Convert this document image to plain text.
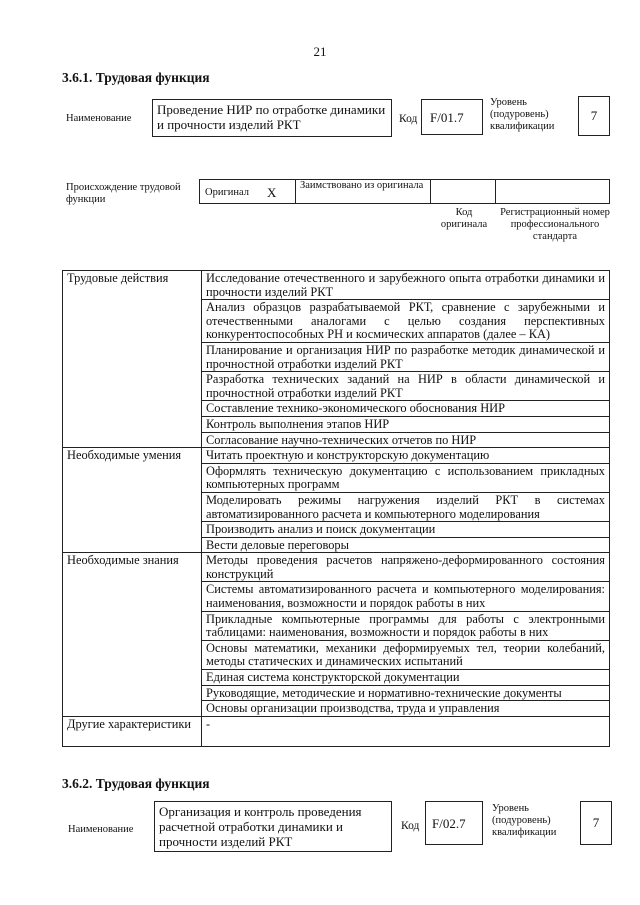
21
3.6.1. Трудовая функция
Наименование
Проведение НИР по отработке динамики и прочности изделий РКТ	Код F/01.7
Уровень (подуровень) квалификации
7
Происхождение трудовой функции
Оригинал X Заимствовано из оригинала
Код оригинала
Регистрационный номер профессионального стандарта
Трудовые действия	Исследование отечественного и зарубежного опыта отработки динамики и прочности изделий РКТ
	Анализ образцов разрабатываемой РКТ, сравнение с зарубежными и отечественными аналогами с целью создания перспективных конкурентоспособных РН и космических аппаратов (далее – КА)
	Планирование и организация НИР по разработке методик динамической и прочностной отработки изделий РКТ
	Разработка технических заданий на НИР в области динамической и прочностной отработки изделий РКТ
	Составление технико-экономического обоснования НИР
	Контроль выполнения этапов НИР
	Согласование научно-технических отчетов по НИР
Необходимые умения	Читать проектную и конструкторскую документацию
	Оформлять техническую документацию с использованием прикладных компьютерных программ
	Моделировать режимы нагружения изделий РКТ в системах автоматизированного расчета и компьютерного моделирования
	Производить анализ и поиск документации
	Вести деловые переговоры
Необходимые знания	Методы проведения расчетов напряжено-деформированного состояния конструкций
	Системы автоматизированного расчета и компьютерного моделирования: наименования, возможности и порядок работы в них
	Прикладные компьютерные программы для работы с электронными таблицами: наименования, возможности и порядок работы в них
	Основы математики, механики деформируемых тел, теории колебаний, методы статических и динамических испытаний
	Единая система конструкторской документации
	Руководящие, методические и нормативно-технические документы
	Основы организации производства, труда и управления
Другие характеристики	-
3.6.2. Трудовая функция
Наименование
Организация и контроль проведения расчетной отработки динамики и прочности изделий РКТ
Код F/02.7
Уровень (подуровень) квалификации
7
